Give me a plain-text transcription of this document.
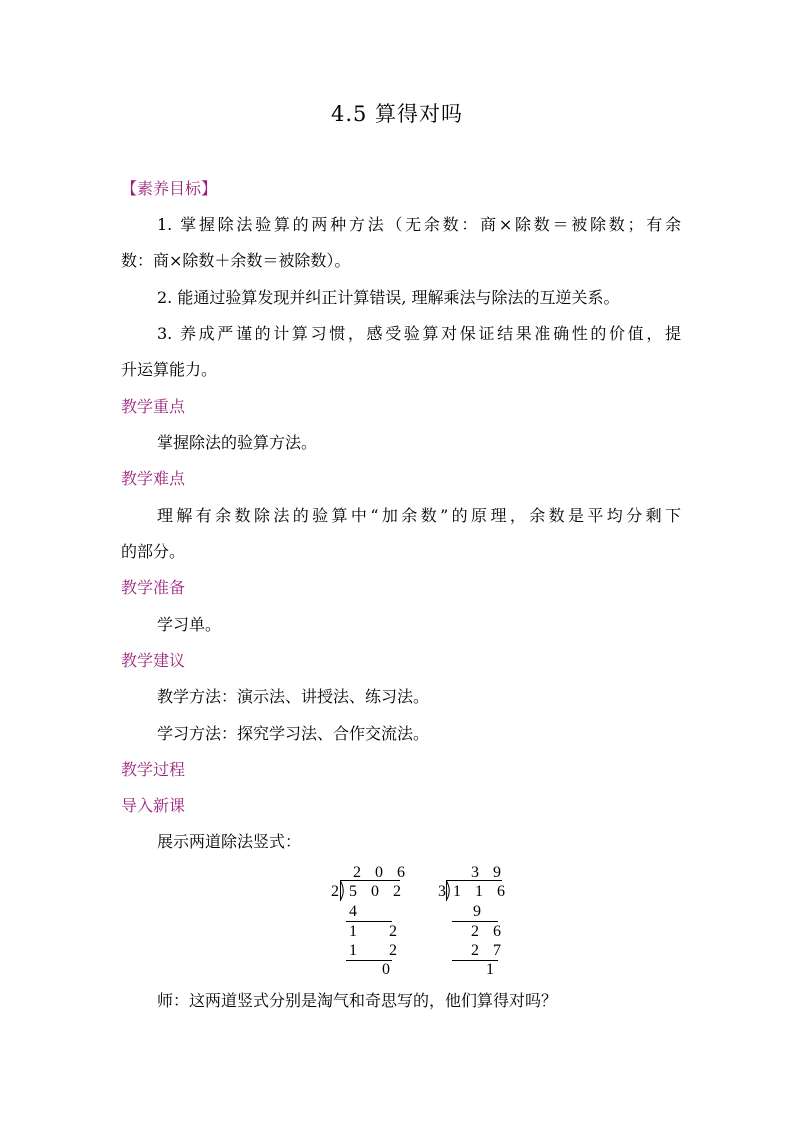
4.5 算得对吗
【素养目标】
1. 掌握除法验算的两种方法（无余数：商×除数＝被除数；有余
数：商×除数＋余数＝被除数）。
2. 能通过验算发现并纠正计算错误, 理解乘法与除法的互逆关系。
3. 养成严谨的计算习惯，感受验算对保证结果准确性的价值，提
升运算能力。
教学重点
掌握除法的验算方法。
教学难点
理解有余数除法的验算中“加余数”的原理，余数是平均分剩下
的部分。
教学准备
学习单。
教学建议
教学方法：演示法、讲授法、练习法。
学习方法：探究学习法、合作交流法。
教学过程
导入新课
展示两道除法竖式：
2 0 6
2 5 0 2
4
1   2
1   2
0
3 9
3 1 1 6
9
2 6
2 7
1
师：这两道竖式分别是淘气和奇思写的，他们算得对吗？
